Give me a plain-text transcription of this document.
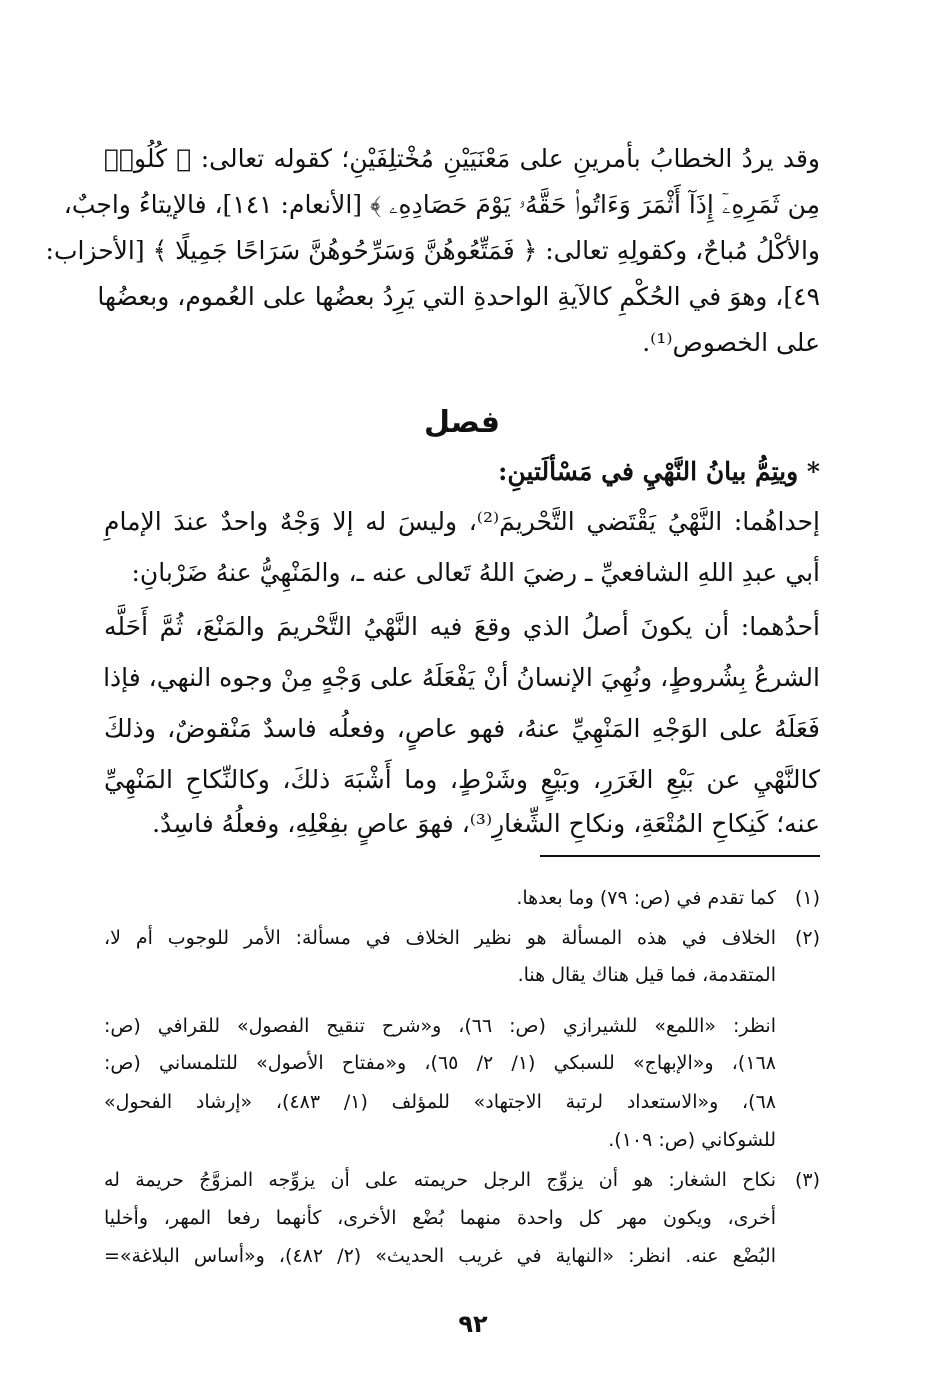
وقد يردُ الخطابُ بأمرينِ على مَعْنَيَيْنِ مُخْتلِفَيْنِ؛ كقوله تعالى: ﴿ كُلُوا۟
مِن ثَمَرِهِۦٓ إِذَآ أَثْمَرَ وَءَاتُوا۟ حَقَّهُۥ يَوْمَ حَصَادِهِۦ ﴾ [الأنعام: ١٤١]، فالإيتاءُ واجبٌ،
والأكْلُ مُباحٌ، وكقولِهِ تعالى: ﴿ فَمَتِّعُوهُنَّ وَسَرِّحُوهُنَّ سَرَاحًا جَمِيلًا ﴾ [الأحزاب:
٤٩]، وهوَ في الحُكْمِ كالآيةِ الواحدةِ التي يَرِدُ بعضُها على العُموم، وبعضُها
على الخصوص⁽¹⁾.
فصل
* ويتِمُّ بيانُ النَّهْيِ في مَسْألَتينِ:
إحداهُما: النَّهْيُ يَقْتَضي التَّحْريمَ⁽²⁾، وليسَ له إلا وَجْهٌ واحدٌ عندَ الإمامِ
أبي عبدِ اللهِ الشافعيِّ ـ رضيَ اللهُ تَعالى عنه ـ، والمَنْهِيُّ عنهُ ضَرْبانِ:
أحدُهما: أن يكونَ أصلُ الذي وقعَ فيه النَّهْيُ التَّحْريمَ والمَنْعَ، ثُمَّ أَحَلَّه
الشرعُ بِشُروطٍ، ونُهِيَ الإنسانُ أنْ يَفْعَلَهُ على وَجْهٍ مِنْ وجوه النهي، فإذا
فَعَلَهُ على الوَجْهِ المَنْهِيِّ عنهُ، فهو عاصٍ، وفعلُه فاسدٌ مَنْقوضٌ، وذلكَ
كالنَّهْيِ عن بَيْعِ الغَرَرِ، وبَيْعٍ وشَرْطٍ، وما أَشْبَهَ ذلكَ، وكالنِّكاحِ المَنْهِيِّ
عنه؛ كَنِكاحِ المُتْعَةِ، ونكاحِ الشِّغارِ⁽³⁾، فهوَ عاصٍ بفِعْلِهِ، وفعلُهُ فاسِدٌ.
(١)
كما تقدم في (ص: ٧٩) وما بعدها.
(٢)
الخلاف في هذه المسألة هو نظير الخلاف في مسألة: الأمر للوجوب أم لا،
المتقدمة، فما قيل هناك يقال هنا.
انظر: «اللمع» للشيرازي (ص: ٦٦)، و«شرح تنقيح الفصول» للقرافي (ص:
١٦٨)، و«الإبهاج» للسبكي (١/ ٢/ ٦٥)، و«مفتاح الأصول» للتلمساني (ص:
٦٨)، و«الاستعداد لرتبة الاجتهاد» للمؤلف (١/ ٤٨٣)، «إرشاد الفحول»
للشوكاني (ص: ١٠٩).
(٣)
نكاح الشغار: هو أن يزوِّج الرجل حريمته على أن يزوِّجه المزوَّجُ حريمة له
أخرى، ويكون مهر كل واحدة منهما بُضْع الأخرى، كأنهما رفعا المهر، وأخليا
البُضْع عنه. انظر: «النهاية في غريب الحديث» (٢/ ٤٨٢)، و«أساس البلاغة»=
٩٢
